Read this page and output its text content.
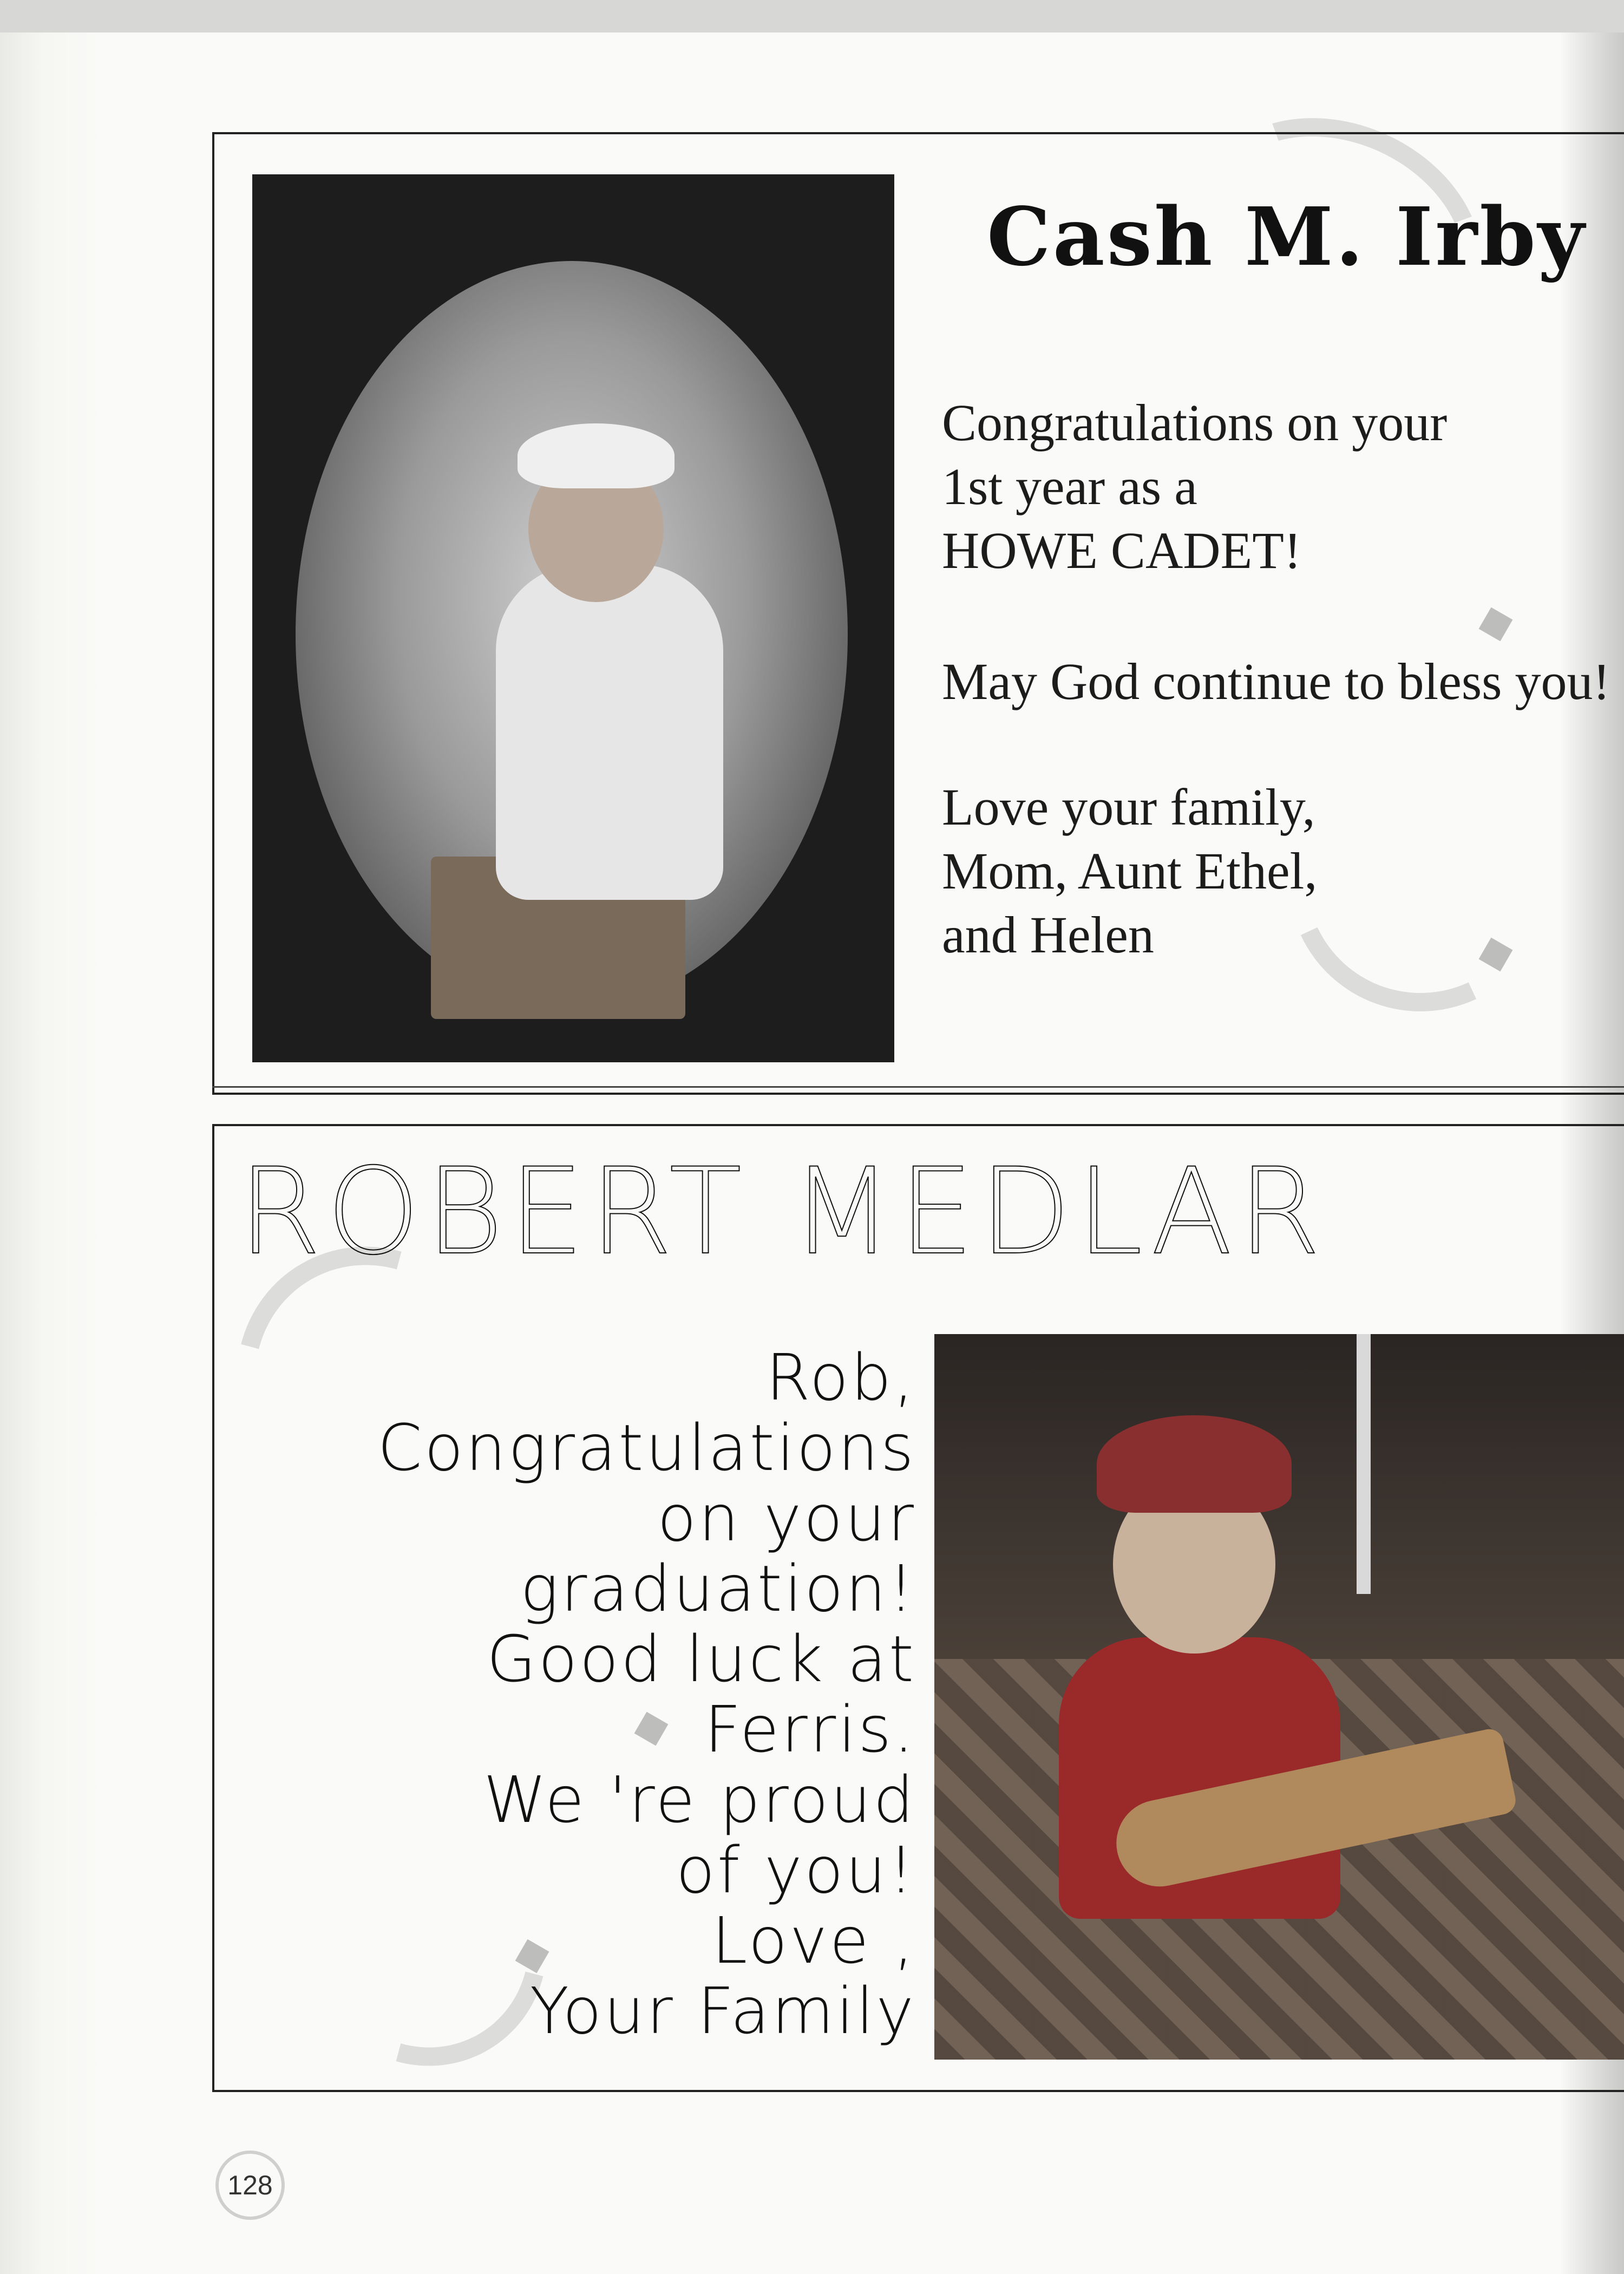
Cash M. Irby
Congratulations on your
1st year as a
HOWE CADET!
May God continue to bless you!
Love your family,
Mom, Aunt Ethel,
and Helen
ROBERT MEDLAR
Rob,
Congratulations
on your
graduation!
Good luck at
Ferris.
We 're proud
of you!
Love ,
Your Family
128
